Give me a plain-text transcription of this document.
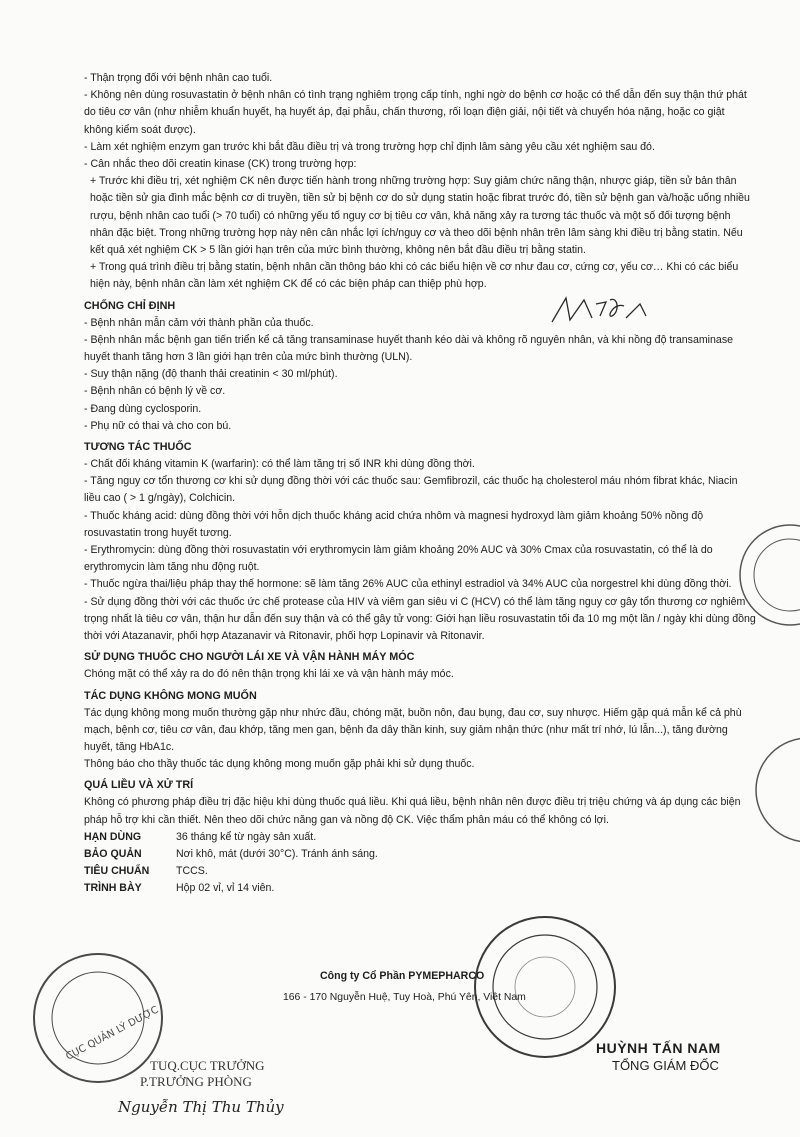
- Thận trọng đối với bệnh nhân cao tuổi.

- Không nên dùng rosuvastatin ở bệnh nhân có tình trạng nghiêm trọng cấp tính, nghi ngờ do bệnh cơ hoặc có thể dẫn đến suy thận thứ phát do tiêu cơ vân (như nhiễm khuẩn huyết, hạ huyết áp, đại phẫu, chấn thương, rối loạn điện giải, nội tiết và chuyển hóa nặng, hoặc co giật không kiểm soát được).

- Làm xét nghiệm enzym gan trước khi bắt đầu điều trị và trong trường hợp chỉ định lâm sàng yêu cầu xét nghiệm sau đó.

- Cân nhắc theo dõi creatin kinase (CK) trong trường hợp:

+ Trước khi điều trị, xét nghiệm CK nên được tiến hành trong những trường hợp: Suy giảm chức năng thận, nhược giáp, tiền sử bản thân hoặc tiền sử gia đình mắc bệnh cơ di truyền, tiền sử bị bệnh cơ do sử dụng statin hoặc fibrat trước đó, tiền sử bệnh gan và/hoặc uống nhiều rượu, bệnh nhân cao tuổi (> 70 tuổi) có những yếu tố nguy cơ bị tiêu cơ vân, khả năng xảy ra tương tác thuốc và một số đối tượng bệnh nhân đặc biệt. Trong những trường hợp này nên cân nhắc lợi ích/nguy cơ và theo dõi bệnh nhân trên lâm sàng khi điều trị bằng statin. Nếu kết quả xét nghiệm CK > 5 lần giới hạn trên của mức bình thường, không nên bắt đầu điều trị bằng statin.

+ Trong quá trình điều trị bằng statin, bệnh nhân cần thông báo khi có các biểu hiện về cơ như đau cơ, cứng cơ, yếu cơ… Khi có các biểu hiện này, bệnh nhân cần làm xét nghiệm CK để có các biện pháp can thiệp phù hợp.

CHỐNG CHỈ ĐỊNH

- Bệnh nhân mẫn cảm với thành phần của thuốc.

- Bệnh nhân mắc bệnh gan tiến triển kể cả tăng transaminase huyết thanh kéo dài và không rõ nguyên nhân, và khi nồng độ transaminase huyết thanh tăng hơn 3 lần giới hạn trên của mức bình thường (ULN).

- Suy thận nặng (độ thanh thải creatinin < 30 ml/phút).

- Bệnh nhân có bệnh lý về cơ.

- Đang dùng cyclosporin.

- Phụ nữ có thai và cho con bú.

TƯƠNG TÁC THUỐC

- Chất đối kháng vitamin K (warfarin): có thể làm tăng trị số INR khi dùng đồng thời.

- Tăng nguy cơ tổn thương cơ khi sử dụng đồng thời với các thuốc sau: Gemfibrozil, các thuốc hạ cholesterol máu nhóm fibrat khác, Niacin liều cao ( > 1 g/ngày), Colchicin.

- Thuốc kháng acid: dùng đồng thời với hỗn dịch thuốc kháng acid chứa nhôm và magnesi hydroxyd làm giảm khoảng 50% nồng độ rosuvastatin trong huyết tương.

- Erythromycin: dùng đồng thời rosuvastatin với erythromycin làm giảm khoảng 20% AUC và 30% Cmax của rosuvastatin, có thể là do erythromycin làm tăng nhu động ruột.

- Thuốc ngừa thai/liệu pháp thay thế hormone: sẽ làm tăng 26% AUC của ethinyl estradiol và 34% AUC của norgestrel khi dùng đồng thời.

- Sử dụng đồng thời với các thuốc ức chế protease của HIV và viêm gan siêu vi C (HCV) có thể làm tăng nguy cơ gây tổn thương cơ nghiêm trọng nhất là tiêu cơ vân, thận hư dẫn đến suy thận và có thể gây tử vong: Giới hạn liều rosuvastatin tối đa 10 mg một lần / ngày khi dùng đồng thời với Atazanavir, phối hợp Atazanavir và Ritonavir, phối hợp Lopinavir và Ritonavir.

SỬ DỤNG THUỐC CHO NGƯỜI LÁI XE VÀ VẬN HÀNH MÁY MÓC

Chóng mặt có thể xảy ra do đó nên thận trọng khi lái xe và vận hành máy móc.

TÁC DỤNG KHÔNG MONG MUỐN

Tác dụng không mong muốn thường gặp như nhức đầu, chóng mặt, buồn nôn, đau bụng, đau cơ, suy nhược. Hiếm gặp quá mẫn kể cả phù mạch, bệnh cơ, tiêu cơ vân, đau khớp, tăng men gan, bệnh đa dây thần kinh, suy giảm nhận thức (như mất trí nhớ, lú lẫn...), tăng đường huyết, tăng HbA1c.

Thông báo cho thầy thuốc tác dụng không mong muốn gặp phải khi sử dụng thuốc.

QUÁ LIỀU VÀ XỬ TRÍ

Không có phương pháp điều trị đặc hiệu khi dùng thuốc quá liều. Khi quá liều, bệnh nhân nên được điều trị triệu chứng và áp dụng các biện pháp hỗ trợ khi cần thiết. Nên theo dõi chức năng gan và nồng độ CK. Việc thẩm phân máu có thể không có lợi.

HẠN DÙNG	36 tháng kể từ ngày sản xuất.
BẢO QUẢN	Nơi khô, mát (dưới 30°C). Tránh ánh sáng.
TIÊU CHUẨN	TCCS.
TRÌNH BÀY	Hộp 02 vỉ, vỉ 14 viên.
CỤC QUẢN LÝ DƯỢC
Công ty Cổ Phần PYMEPHARCO
166 - 170 Nguyễn Huệ, Tuy Hoà, Phú Yên, Việt Nam
HUỲNH TẤN NAM
TỔNG GIÁM ĐỐC
TUQ.CỤC TRƯỞNG
P.TRƯỞNG PHÒNG
Nguyễn Thị Thu Thủy
